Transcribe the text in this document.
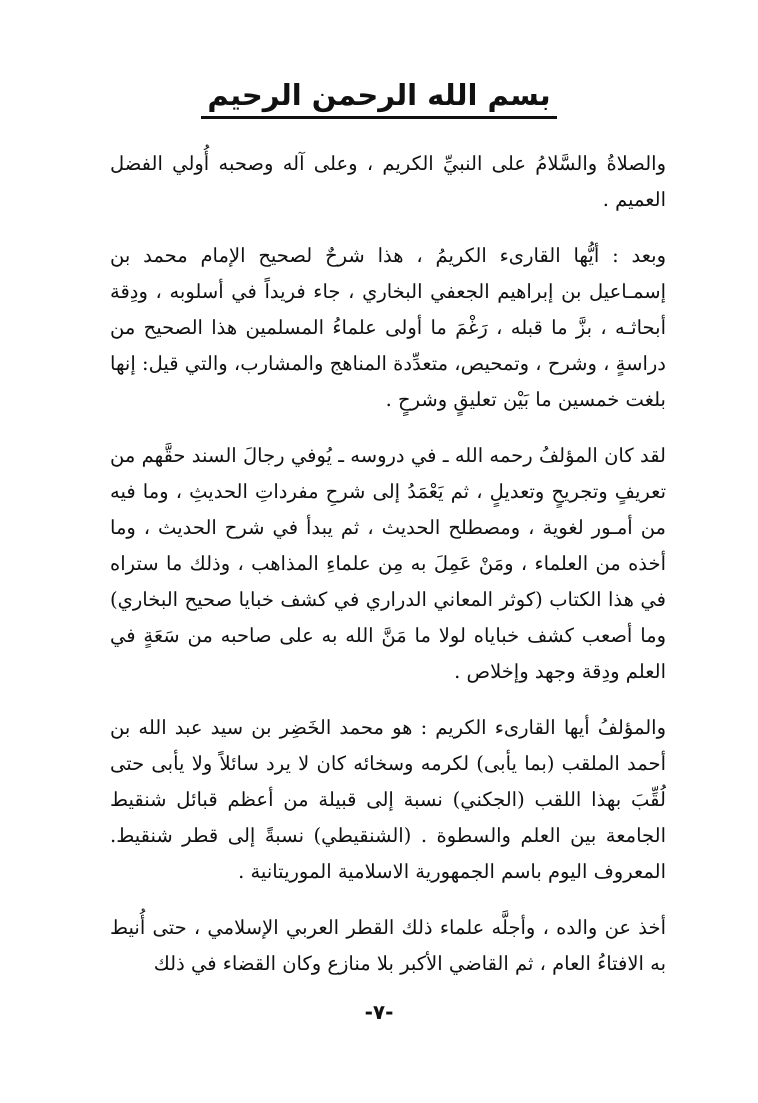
بسم الله الرحمن الرحيم

والصلاةُ والسَّلامُ على النبيِّ الكريم ، وعلى آله وصحبه أُولي الفضل العميم .

وبعد : أيُّها القارىء الكريمُ ، هذا شرحٌ لصحيح الإمام محمد بن إسمـاعيل بن إبراهيم الجعفي البخاري ، جاء فريداً في أسلوبه ، ودِقة أبحاثـه ، بزَّ ما قبله ، رَغْمَ ما أولى علماءُ المسلمين هذا الصحيح من دراسةٍ ، وشرح ، وتمحيص، متعدِّدة المناهج والمشارب، والتي قيل: إنها بلغت خمسين ما بَيْن تعليقٍ وشرحٍ .

لقد كان المؤلفُ رحمه الله ـ في دروسه ـ يُوفي رجالَ السند حقَّهم من تعريفٍ وتجريحٍ وتعديلٍ ، ثم يَعْمَدُ إلى شرحِ مفرداتِ الحديثِ ، وما فيه من أمـور لغوية ، ومصطلح الحديث ، ثم يبدأ في شرح الحديث ، وما أخذه من العلماء ، ومَنْ عَمِلَ به مِن علماءِ المذاهب ، وذلك ما ستراه في هذا الكتاب (كوثر المعاني الدراري في كشف خبايا صحيح البخاري) وما أصعب كشف خباياه لولا ما مَنَّ الله به على صاحبه من سَعَةٍ في العلم ودِقة وجهد وإخلاص .

والمؤلفُ أيها القارىء الكريم : هو محمد الخَضِر بن سيد عبد الله بن أحمد الملقب (بما يأبى) لكرمه وسخائه كان لا يرد سائلاً ولا يأبى حتى لُقِّبَ بهذا اللقب (الجكني) نسبة إلى قبيلة من أعظم قبائل شنقيط الجامعة بين العلم والسطوة . (الشنقيطي) نسبةً إلى قطر شنقيط. المعروف اليوم باسم الجمهورية الاسلامية الموريتانية .

أخذ عن والده ، وأجلَّه علماء ذلك القطر العربي الإسلامي ، حتى أُنيط به الافتاءُ العام ، ثم القاضي الأكبر بلا منازع وكان القضاء في ذلك

-٧-
